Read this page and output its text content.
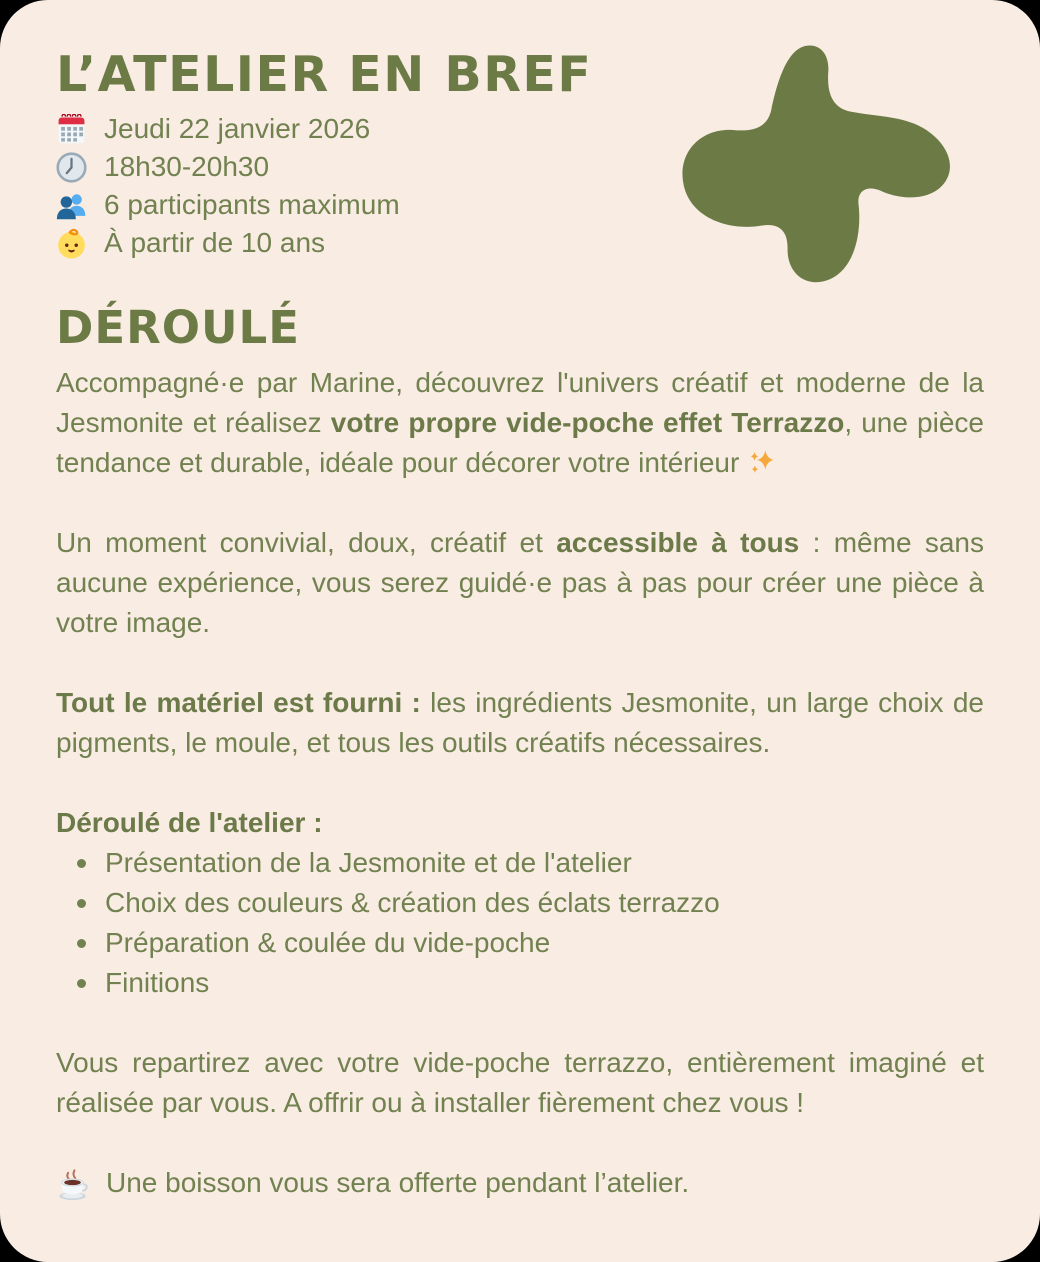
L’ATELIER EN BREF
Jeudi 22 janvier 2026
18h30-20h30
6 participants maximum
À partir de 10 ans
DÉROULÉ

Accompagné·e par Marine, découvrez l'univers créatif et moderne de la Jesmonite et réalisez votre propre vide-poche effet Terrazzo, une pièce tendance et durable, idéale pour décorer votre intérieur

Un moment convivial, doux, créatif et accessible à tous : même sans aucune expérience, vous serez guidé·e pas à pas pour créer une pièce à votre image.

Tout le matériel est fourni : les ingrédients Jesmonite, un large choix de pigments, le moule, et tous les outils créatifs nécessaires.

Déroulé de l'atelier :
Présentation de la Jesmonite et de l'atelier
Choix des couleurs & création des éclats terrazzo
Préparation & coulée du vide-poche
Finitions

Vous repartirez avec votre vide-poche terrazzo, entièrement imaginé et réalisée par vous. A offrir ou à installer fièrement chez vous !

Une boisson vous sera offerte pendant l’atelier.
